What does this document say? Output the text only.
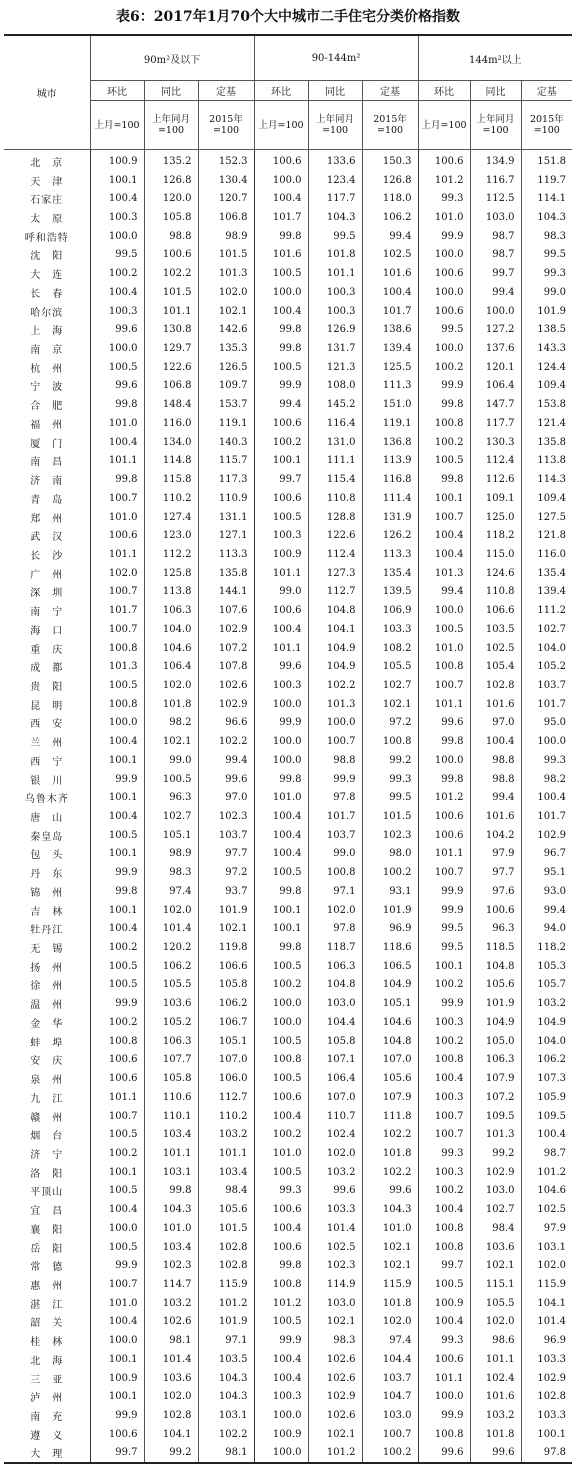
表6：2017年1月70个大中城市二手住宅分类价格指数
城市	90m²及以下			90-144m²			144m²以上		
	环比	同比	定基	环比	同比	定基	环比	同比	定基
	上月=100	上年同月=100	2015年=100	上月=100	上年同月=100	2015年=100	上月=100	上年同月=100	2015年=100
北　京	100.9	135.2	152.3	100.6	133.6	150.3	100.6	134.9	151.8
天　津	100.1	126.8	130.4	100.0	123.4	126.8	101.2	116.7	119.7
石家庄	100.4	120.0	120.7	100.4	117.7	118.0	99.3	112.5	114.1
太　原	100.3	105.8	106.8	101.7	104.3	106.2	101.0	103.0	104.3
呼和浩特	100.0	98.8	98.9	99.8	99.5	99.4	99.9	98.7	98.3
沈　阳	99.5	100.6	101.5	101.6	101.8	102.5	100.0	98.7	99.5
大　连	100.2	102.2	101.3	100.5	101.1	101.6	100.6	99.7	99.3
长　春	100.4	101.5	102.0	100.0	100.3	100.4	100.0	99.4	99.0
哈尔滨	100.3	101.1	102.1	100.4	100.3	101.7	100.6	100.0	101.9
上　海	99.6	130.8	142.6	99.8	126.9	138.6	99.5	127.2	138.5
南　京	100.0	129.7	135.3	99.8	131.7	139.4	100.0	137.6	143.3
杭　州	100.5	122.6	126.5	100.5	121.3	125.5	100.2	120.1	124.4
宁　波	99.6	106.8	109.7	99.9	108.0	111.3	99.9	106.4	109.4
合　肥	99.8	148.4	153.7	99.4	145.2	151.0	99.8	147.7	153.8
福　州	101.0	116.0	119.1	100.6	116.4	119.1	100.8	117.7	121.4
厦　门	100.4	134.0	140.3	100.2	131.0	136.8	100.2	130.3	135.8
南　昌	101.1	114.8	115.7	100.1	111.1	113.9	100.5	112.4	113.8
济　南	99.8	115.8	117.3	99.7	115.4	116.8	99.8	112.6	114.3
青　岛	100.7	110.2	110.9	100.6	110.8	111.4	100.1	109.1	109.4
郑　州	101.0	127.4	131.1	100.5	128.8	131.9	100.7	125.0	127.5
武　汉	100.6	123.0	127.1	100.3	122.6	126.2	100.4	118.2	121.8
长　沙	101.1	112.2	113.3	100.9	112.4	113.3	100.4	115.0	116.0
广　州	102.0	125.8	135.8	101.1	127.3	135.4	101.3	124.6	135.4
深　圳	100.7	113.8	144.1	99.0	112.7	139.5	99.4	110.8	139.4
南　宁	101.7	106.3	107.6	100.6	104.8	106.9	100.0	106.6	111.2
海　口	100.7	104.0	102.9	100.4	104.1	103.3	100.5	103.5	102.7
重　庆	100.8	104.6	107.2	101.1	104.9	108.2	101.0	102.5	104.0
成　都	101.3	106.4	107.8	99.6	104.9	105.5	100.8	105.4	105.2
贵　阳	100.5	102.0	102.6	100.3	102.2	102.7	100.7	102.8	103.7
昆　明	100.8	101.8	102.9	100.0	101.3	102.1	101.1	101.6	101.7
西　安	100.0	98.2	96.6	99.9	100.0	97.2	99.6	97.0	95.0
兰　州	100.4	102.1	102.2	100.0	100.7	100.8	99.8	100.4	100.0
西　宁	100.1	99.0	99.4	100.0	98.8	99.2	100.0	98.8	99.3
银　川	99.9	100.5	99.6	99.8	99.9	99.3	99.8	98.8	98.2
乌鲁木齐	100.1	96.3	97.0	101.0	97.8	99.5	101.2	99.4	100.4
唐　山	100.4	102.7	102.3	100.4	101.7	101.5	100.6	101.6	101.7
秦皇岛	100.5	105.1	103.7	100.4	103.7	102.3	100.6	104.2	102.9
包　头	100.1	98.9	97.7	100.4	99.0	98.0	101.1	97.9	96.7
丹　东	99.9	98.3	97.2	100.5	100.8	100.2	100.7	97.7	95.1
锦　州	99.8	97.4	93.7	99.8	97.1	93.1	99.9	97.6	93.0
吉　林	100.1	102.0	101.9	100.1	102.0	101.9	99.9	100.6	99.4
牡丹江	100.4	101.4	102.1	100.1	97.8	96.9	99.5	96.3	94.0
无　锡	100.2	120.2	119.8	99.8	118.7	118.6	99.5	118.5	118.2
扬　州	100.5	106.2	106.6	100.5	106.3	106.5	100.1	104.8	105.3
徐　州	100.5	105.5	105.8	100.2	104.8	104.9	100.2	105.6	105.7
温　州	99.9	103.6	106.2	100.0	103.0	105.1	99.9	101.9	103.2
金　华	100.2	105.2	106.7	100.0	104.4	104.6	100.3	104.9	104.9
蚌　埠	100.8	106.3	105.1	100.5	105.8	104.8	100.2	105.0	104.0
安　庆	100.6	107.7	107.0	100.8	107.1	107.0	100.8	106.3	106.2
泉　州	100.6	105.8	106.0	100.5	106.4	105.6	100.4	107.9	107.3
九　江	101.1	110.6	112.7	100.6	107.0	107.9	100.3	107.2	105.9
赣　州	100.7	110.1	110.2	100.4	110.7	111.8	100.7	109.5	109.5
烟　台	100.5	103.4	103.2	100.2	102.4	102.2	100.7	101.3	100.4
济　宁	100.2	101.1	101.1	101.0	102.0	101.8	99.3	99.2	98.7
洛　阳	100.1	103.1	103.4	100.5	103.2	102.2	100.3	102.9	101.2
平顶山	100.5	99.8	98.4	99.3	99.6	99.6	100.2	103.0	104.6
宜　昌	100.4	104.3	105.6	100.6	103.3	104.3	100.4	102.7	102.5
襄　阳	100.0	101.0	101.5	100.4	101.4	101.0	100.8	98.4	97.9
岳　阳	100.5	103.4	102.8	100.6	102.5	102.1	100.8	103.6	103.1
常　德	99.9	102.3	102.8	99.8	102.3	102.1	99.7	102.1	102.0
惠　州	100.7	114.7	115.9	100.8	114.9	115.9	100.5	115.1	115.9
湛　江	101.0	103.2	101.2	101.2	103.0	101.8	100.9	105.5	104.1
韶　关	100.4	102.6	101.9	100.5	102.1	102.0	100.4	102.0	101.4
桂　林	100.0	98.1	97.1	99.9	98.3	97.4	99.3	98.6	96.9
北　海	100.1	101.4	103.5	100.4	102.6	104.4	100.6	101.1	103.3
三　亚	100.9	103.6	104.3	100.4	102.6	103.7	101.1	102.4	102.9
泸　州	100.1	102.0	104.3	100.3	102.9	104.7	100.0	101.6	102.8
南　充	99.9	102.8	103.1	100.0	102.6	103.0	99.9	103.2	103.3
遵　义	100.6	104.1	102.2	100.9	102.1	100.7	100.8	101.8	100.1
大　理	99.7	99.2	98.1	100.0	101.2	100.2	99.6	99.6	97.8
